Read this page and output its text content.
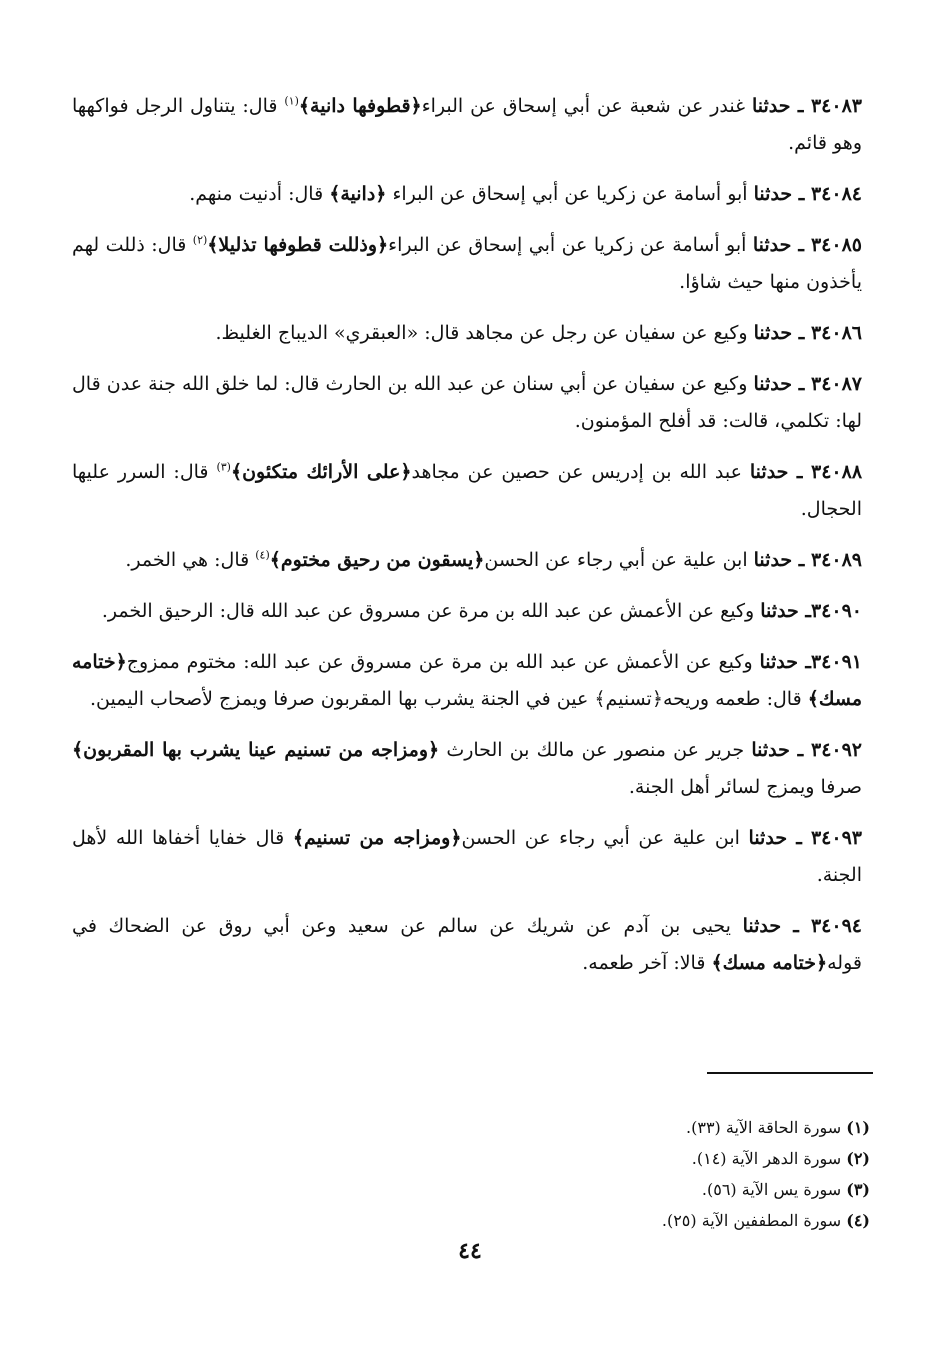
٣٤٠٨٣ ـ حدثنا غندر عن شعبة عن أبي إسحاق عن البراء﴿قطوفها دانية﴾$^{(١)}$ قال: يتناول الرجل فواكهها وهو قائم.

٣٤٠٨٤ ـ حدثنا أبو أسامة عن زكريا عن أبي إسحاق عن البراء ﴿دانية﴾ قال: أدنيت منهم.

٣٤٠٨٥ ـ حدثنا أبو أسامة عن زكريا عن أبي إسحاق عن البراء﴿وذللت قطوفها تذليلا﴾$^{(٢)}$ قال: ذللت لهم يأخذون منها حيث شاؤا.

٣٤٠٨٦ ـ حدثنا وكيع عن سفيان عن رجل عن مجاهد قال: «العبقري» الديباج الغليظ.

٣٤٠٨٧ ـ حدثنا وكيع عن سفيان عن أبي سنان عن عبد الله بن الحارث قال: لما خلق الله جنة عدن قال لها: تكلمي، قالت: قد أفلح المؤمنون.

٣٤٠٨٨ ـ حدثنا عبد الله بن إدريس عن حصين عن مجاهد﴿على الأرائك متكئون﴾$^{(٣)}$ قال: السرر عليها الحجال.

٣٤٠٨٩ ـ حدثنا ابن علية عن أبي رجاء عن الحسن﴿يسقون من رحيق مختوم﴾$^{(٤)}$ قال: هي الخمر.

٣٤٠٩٠ـ حدثنا وكيع عن الأعمش عن عبد الله بن مرة عن مسروق عن عبد الله قال: الرحيق الخمر.

٣٤٠٩١ـ حدثنا وكيع عن الأعمش عن عبد الله بن مرة عن مسروق عن عبد الله: مختوم ممزوج﴿ختامه مسك﴾ قال: طعمه وريحه﴿تسنيم﴾ عين في الجنة يشرب بها المقربون صرفا ويمزج لأصحاب اليمين.

٣٤٠٩٢ ـ حدثنا جرير عن منصور عن مالك بن الحارث ﴿ومزاجه من تسنيم عينا يشرب بها المقربون﴾ صرفا ويمزج لسائر أهل الجنة.

٣٤٠٩٣ ـ حدثنا ابن علية عن أبي رجاء عن الحسن﴿ومزاجه من تسنيم﴾ قال خفايا أخفاها الله لأهل الجنة.

٣٤٠٩٤ ـ حدثنا يحيى بن آدم عن شريك عن سالم عن سعيد وعن أبي روق عن الضحاك في قوله﴿ختامه مسك﴾ قالا: آخر طعمه.

(١) سورة الحاقة الآية (٣٣).
(٢) سورة الدهر الآية (١٤).
(٣) سورة يس الآية (٥٦).
(٤) سورة المطففين الآية (٢٥).
٤٤
